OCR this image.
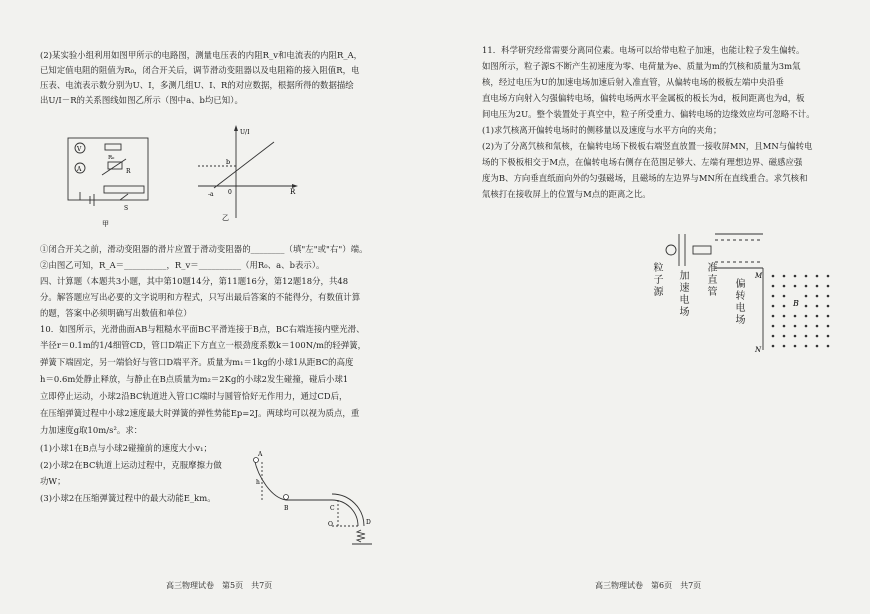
(2)某实验小组利用如图甲所示的电路图，测量电压表的内阻R_v和电流表的内阻R_A，
已知定值电阻的阻值为R₀，闭合开关后，调节滑动变阻器以及电阻箱的接入阻值R，电
压表、电流表示数分别为U、I，多测几组U、I、R的对应数据，根据所得的数据描绘
出U/I－R的关系图线如图乙所示（图中a、b均已知）。
V
A
R₀
R
S
甲
U/I
R
0
b
-a
乙
①闭合开关之前，滑动变阻器的滑片应置于滑动变阻器的________（填"左"或"右"）端。
②由图乙可知，R_A＝__________，R_v＝__________（用R₀、a、b表示）。
四、计算题（本题共3小题，其中第10题14分，第11题16分，第12题18分，共48
分。解答题应写出必要的文字说明和方程式，只写出最后答案的不能得分，有数值计算
的题，答案中必须明确写出数值和单位）
10．如图所示，光滑曲面AB与粗糙水平面BC平滑连接于B点，BC右端连接内壁光滑、
半径r＝0.1m的1/4细管CD，管口D端正下方直立一根劲度系数k＝100N/m的轻弹簧，
弹簧下端固定，另一端恰好与管口D端平齐。质量为m₁＝1kg的小球1从距BC的高度
h＝0.6m处静止释放，与静止在B点质量为m₂＝2Kg的小球2发生碰撞，碰后小球1
立即停止运动，小球2沿BC轨道进入管口C端时与圆管恰好无作用力，通过CD后，
在压缩弹簧过程中小球2速度最大时弹簧的弹性势能Ep=2J。两球均可以视为质点，重
力加速度g取10m/s²。求：
(1)小球1在B点与小球2碰撞前的速度大小v₁；
(2)小球2在BC轨道上运动过程中，克服摩擦力做
功W；
(3)小球2在压缩弹簧过程中的最大动能E_km。
A
h
B	C
O	D
高三物理试卷　第5页　共7页
11．科学研究经常需要分离同位素。电场可以给带电粒子加速，也能让粒子发生偏转。
如图所示，粒子源S不断产生初速度为零、电荷量为e、质量为m的氕核和质量为3m氚
核，经过电压为U的加速电场加速后射入准直管，从偏转电场的极板左端中央沿垂
直电场方向射入匀强偏转电场，偏转电场两水平金属板的板长为d，板间距离也为d，板
间电压为2U。整个装置处于真空中，粒子所受重力、偏转电场的边缘效应均可忽略不计。
(1)求氕核离开偏转电场时的侧移量以及速度与水平方向的夹角；
(2)为了分离氕核和氚核，在偏转电场下极板右端竖直放置一接收屏MN，且MN与偏转电
场的下极板相交于M点，在偏转电场右侧存在范围足够大、左端有理想边界、磁感应强
度为B、方向垂直纸面向外的匀强磁场，且磁场的左边界与MN所在直线重合。求氕核和
氚核打在接收屏上的位置与M点的距离之比。
M
N
B
粒子源 加速电场 准直管 偏转电场
高三物理试卷　第6页　共7页
